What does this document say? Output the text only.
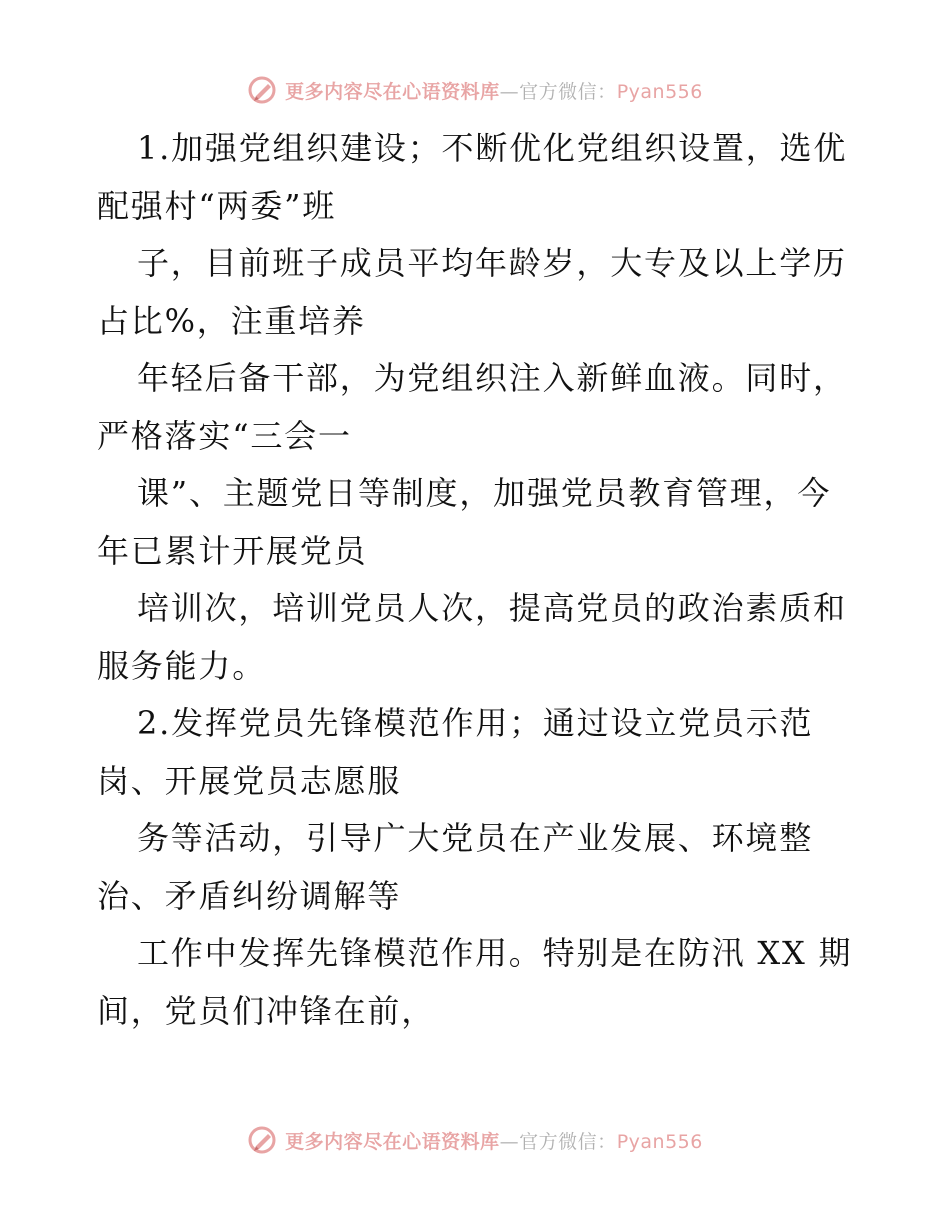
更多内容尽在心语资料库—官方微信：Pyan556
1.加强党组织建设；不断优化党组织设置，选优
配强村“两委”班
子，目前班子成员平均年龄岁，大专及以上学历
占比%，注重培养
年轻后备干部，为党组织注入新鲜血液。同时，
严格落实“三会一
课”、主题党日等制度，加强党员教育管理，今
年已累计开展党员
培训次，培训党员人次，提高党员的政治素质和
服务能力。
2.发挥党员先锋模范作用；通过设立党员示范
岗、开展党员志愿服
务等活动，引导广大党员在产业发展、环境整
治、矛盾纠纷调解等
工作中发挥先锋模范作用。特别是在防汛 XX 期
间，党员们冲锋在前，
更多内容尽在心语资料库—官方微信：Pyan556
